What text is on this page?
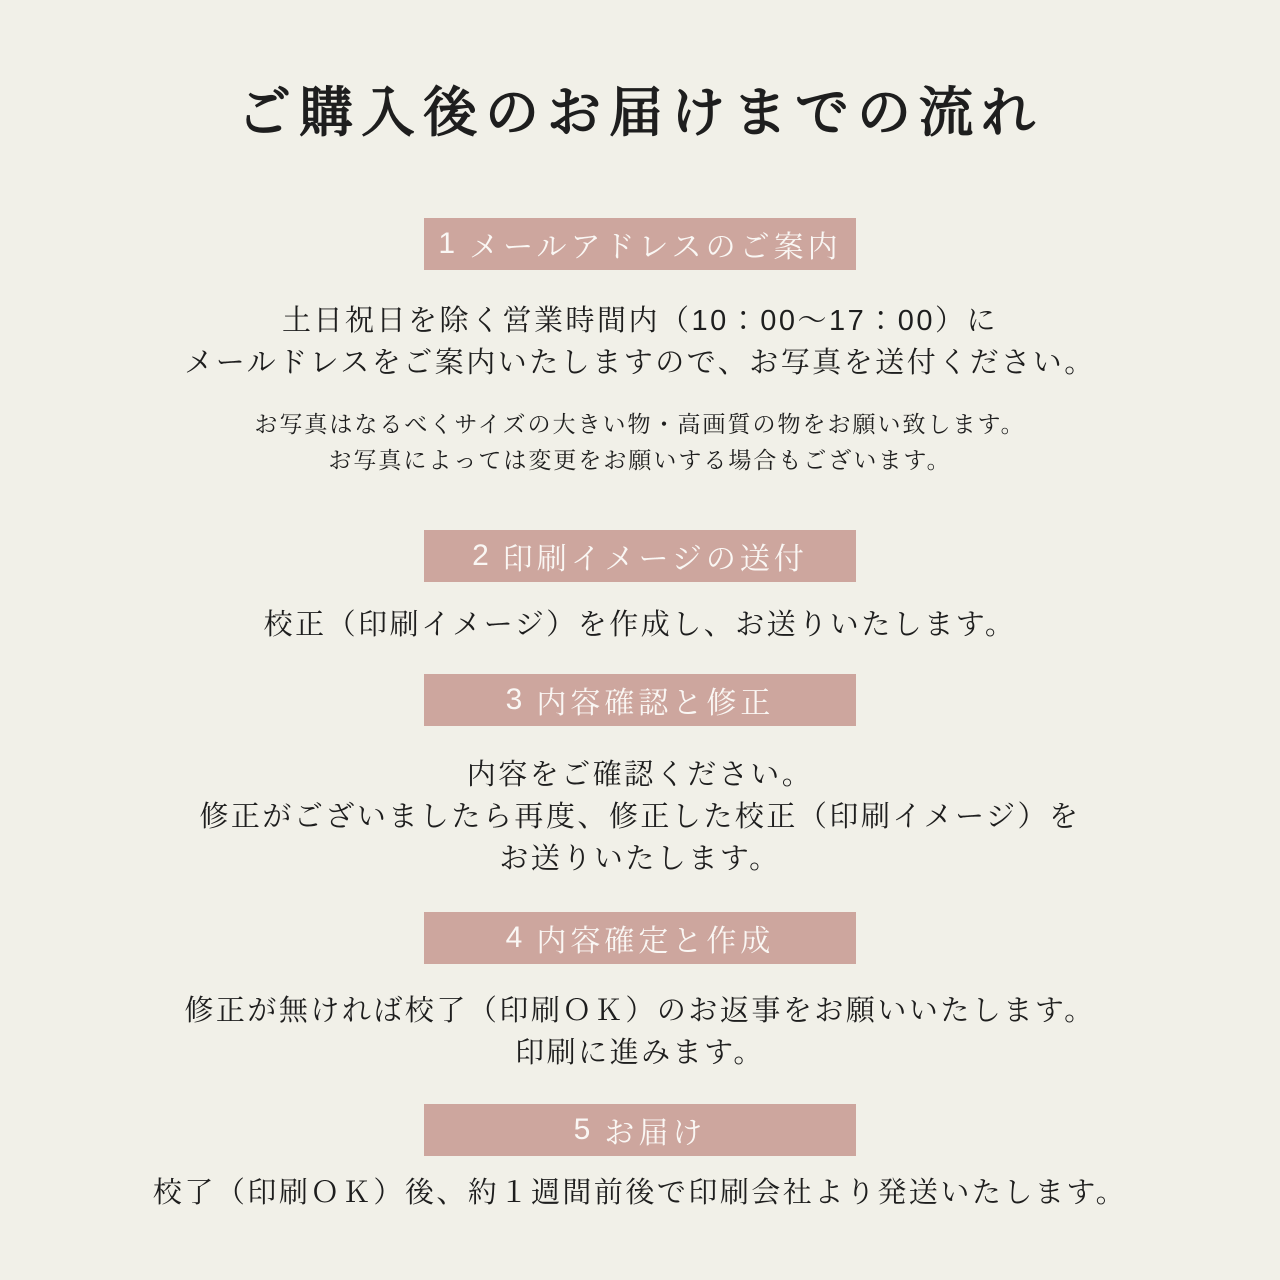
ご購入後のお届けまでの流れ
1 メールアドレスのご案内
土日祝日を除く営業時間内（10：00～17：00）に
メールドレスをご案内いたしますので、お写真を送付ください。
お写真はなるべくサイズの大きい物・高画質の物をお願い致します。
お写真によっては変更をお願いする場合もございます。
2 印刷イメージの送付
校正（印刷イメージ）を作成し、お送りいたします。
3 内容確認と修正
内容をご確認ください。
修正がございましたら再度、修正した校正（印刷イメージ）を
お送りいたします。
4 内容確定と作成
修正が無ければ校了（印刷ＯＫ）のお返事をお願いいたします。
印刷に進みます。
5 お届け
校了（印刷ＯＫ）後、約１週間前後で印刷会社より発送いたします。
